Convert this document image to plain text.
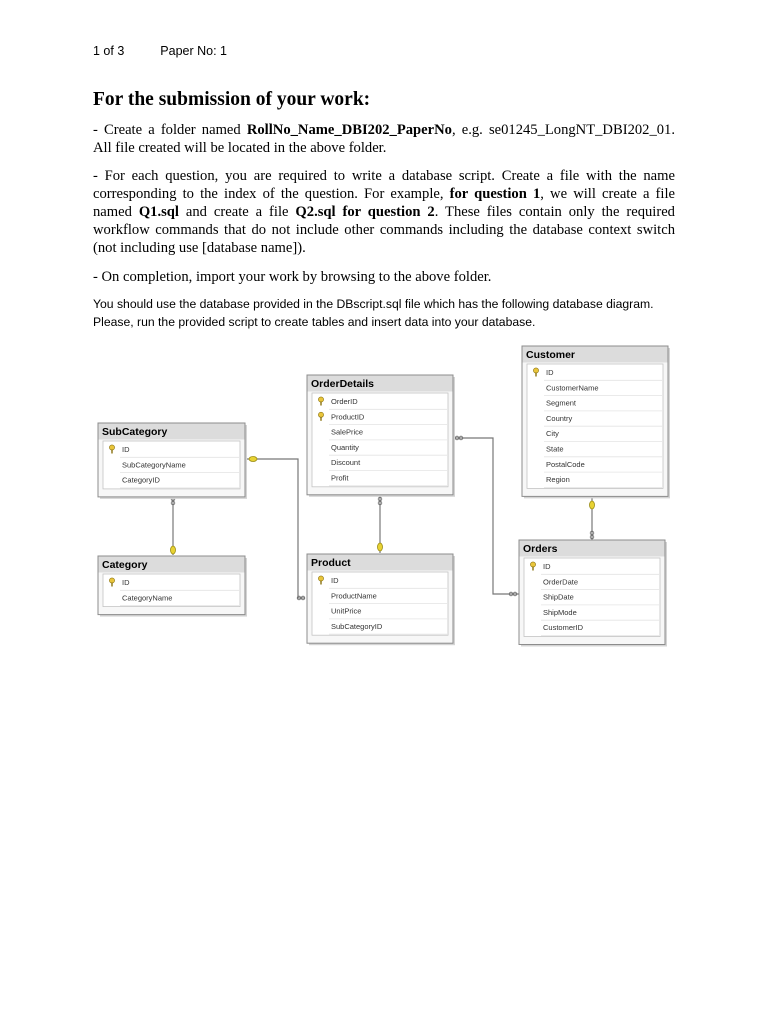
1 of 3	Paper No: 1
For the submission of your work:

- Create a folder named RollNo_Name_DBI202_PaperNo, e.g. se01245_LongNT_DBI202_01. All file created will be located in the above folder.

- For each question, you are required to write a database script. Create a file with the name corresponding to the index of the question. For example, for question 1, we will create a file named Q1.sql and create a file Q2.sql for question 2. These files contain only the required workflow commands that do not include other commands including the database context switch (not including use [database name]).

- On completion, import your work by browsing to the above folder.

You should use the database provided in the DBscript.sql file which has the following database diagram. Please, run the provided script to create tables and insert data into your database.

Customer
ID
CustomerName
Segment
Country
City
State
PostalCode
Region
OrderDetails
OrderID
ProductID
SalePrice
Quantity
Discount
Profit
SubCategory
ID
SubCategoryName
CategoryID
Category
ID
CategoryName
Product
ID
ProductName
UnitPrice
SubCategoryID
Orders
ID
OrderDate
ShipDate
ShipMode
CustomerID
